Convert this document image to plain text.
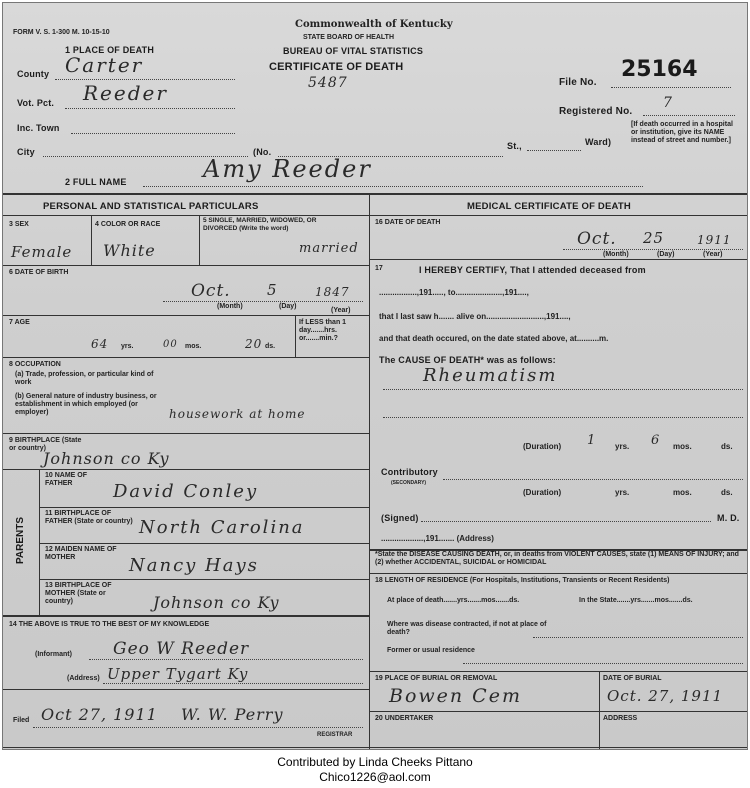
FORM V. S. 1-300 M. 10-15-10
Commonwealth of Kentucky
STATE BOARD OF HEALTH
BUREAU OF VITAL STATISTICS
CERTIFICATE OF DEATH
5487	File No.
25164
Registered No.
7
[If death occurred in a hospital or institution, give its NAME instead of street and number.]
1 PLACE OF DEATH
County Carter
Vot. Pct. Reeder
Inc. Town
City	(No.
St.,	Ward)
2 FULL NAME	Amy Reeder
PERSONAL AND STATISTICAL PARTICULARS
3 SEX	4 COLOR OR RACE
5 SINGLE, MARRIED, WIDOWED, OR DIVORCED (Write the word)
Female White	married
6 DATE OF BIRTH
Oct. 5	1847
(Month)	(Day)
(Year)
7 AGE
64 yrs.	00 mos.	20 ds.
If LESS than 1 day.......hrs. or.......min.?
8 OCCUPATION
(a) Trade, profession, or particular kind of work
(b) General nature of industry business, or establishment in which employed (or employer)	housework at home
9 BIRTHPLACE (State or country)
Johnson co Ky
PARENTS
10 NAME OF FATHER	David Conley
11 BIRTHPLACE OF FATHER (State or country) North Carolina
12 MAIDEN NAME OF MOTHER	Nancy Hays
13 BIRTHPLACE OF MOTHER (State or country)	Johnson co Ky
14 THE ABOVE IS TRUE TO THE BEST OF MY KNOWLEDGE
(Informant) Geo W Reeder
(Address) Upper Tygart Ky
Filed Oct 27, 1911 W. W. Perry
REGISTRAR
MEDICAL CERTIFICATE OF DEATH
16 DATE OF DEATH
Oct. 25	1911
(Month)	(Day)	(Year)
17	I HEREBY CERTIFY, That I attended deceased from
.................,191....., to.....................,191....,
that I last saw h....... alive on..........................,191....,
and that death occured, on the date stated above, at..........m.
The CAUSE OF DEATH* was as follows:
Rheumatism
(Duration) 1 yrs. 6 mos.	ds.
Contributory
(SECONDARY)
(Duration)	yrs.	mos.	ds.
(Signed)	M. D.
...................,191....... (Address)
*State the DISEASE CAUSING DEATH, or, in deaths from VIOLENT CAUSES, state (1) MEANS OF INJURY; and (2) whether ACCIDENTAL, SUICIDAL or HOMICIDAL
18 LENGTH OF RESIDENCE (For Hospitals, Institutions, Transients or Recent Residents)
At place of death.......yrs.......mos.......ds.	In the State.......yrs.......mos.......ds.
Where was disease contracted, if not at place of death?
Former or usual residence
19 PLACE OF BURIAL OR REMOVAL
Bowen Cem
DATE OF BURIAL
Oct. 27, 1911
20 UNDERTAKER	ADDRESS
Contributed by Linda Cheeks Pittano
Chico1226@aol.com
